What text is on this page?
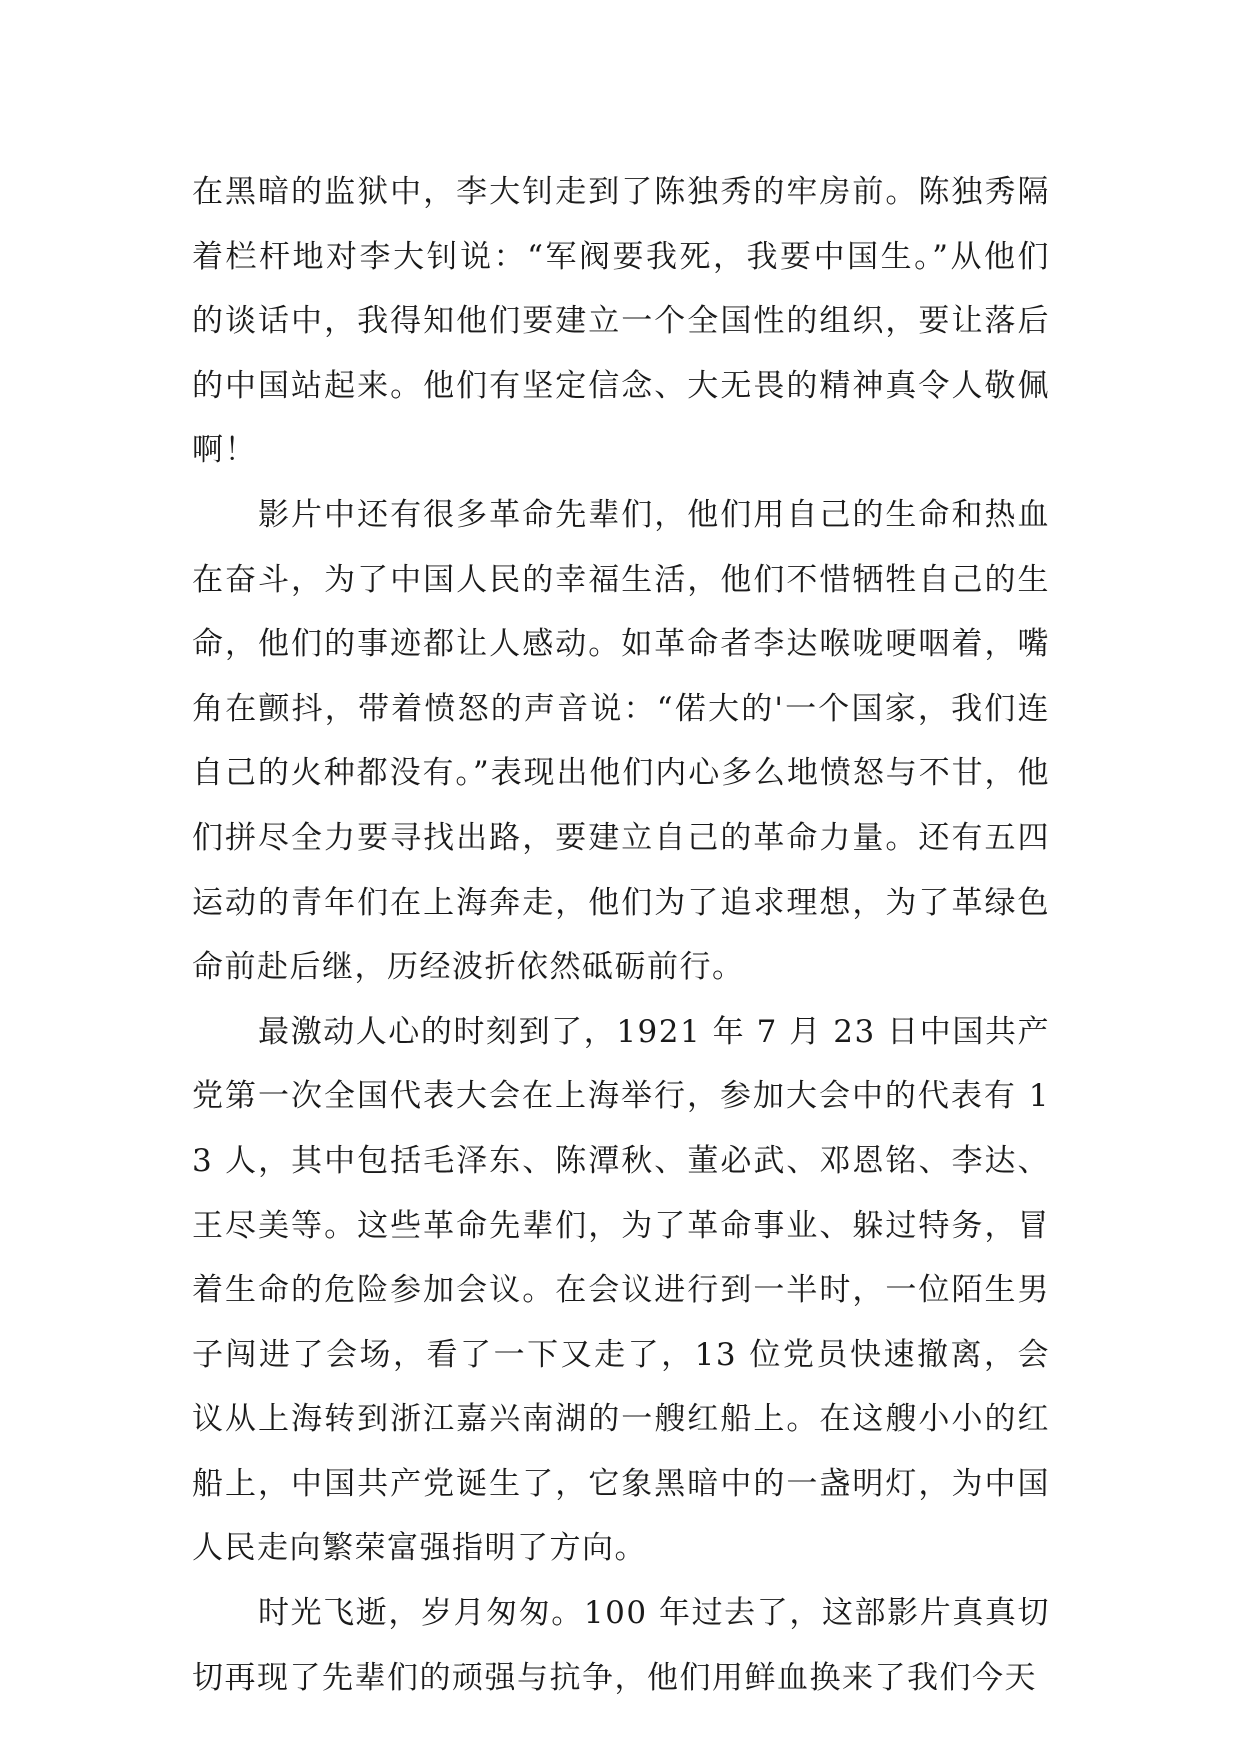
在黑暗的监狱中，李大钊走到了陈独秀的牢房前。陈独秀隔着栏杆地对李大钊说：“军阀要我死，我要中国生。”从他们的谈话中，我得知他们要建立一个全国性的组织，要让落后的中国站起来。他们有坚定信念、大无畏的精神真令人敬佩啊！

影片中还有很多革命先辈们，他们用自己的生命和热血在奋斗，为了中国人民的幸福生活，他们不惜牺牲自己的生命，他们的事迹都让人感动。如革命者李达喉咙哽咽着，嘴角在颤抖，带着愤怒的声音说：“偌大的'一个国家，我们连自己的火种都没有。”表现出他们内心多么地愤怒与不甘，他们拼尽全力要寻找出路，要建立自己的革命力量。还有五四运动的青年们在上海奔走，他们为了追求理想，为了革绿色命前赴后继，历经波折依然砥砺前行。

最激动人心的时刻到了，1921 年 7 月 23 日中国共产党第一次全国代表大会在上海举行，参加大会中的代表有 13 人，其中包括毛泽东、陈潭秋、董必武、邓恩铭、李达、王尽美等。这些革命先辈们，为了革命事业、躲过特务，冒着生命的危险参加会议。在会议进行到一半时，一位陌生男子闯进了会场，看了一下又走了，13 位党员快速撤离，会议从上海转到浙江嘉兴南湖的一艘红船上。在这艘小小的红船上，中国共产党诞生了，它象黑暗中的一盏明灯，为中国人民走向繁荣富强指明了方向。

时光飞逝，岁月匆匆。100 年过去了，这部影片真真切切再现了先辈们的顽强与抗争，他们用鲜血换来了我们今天
